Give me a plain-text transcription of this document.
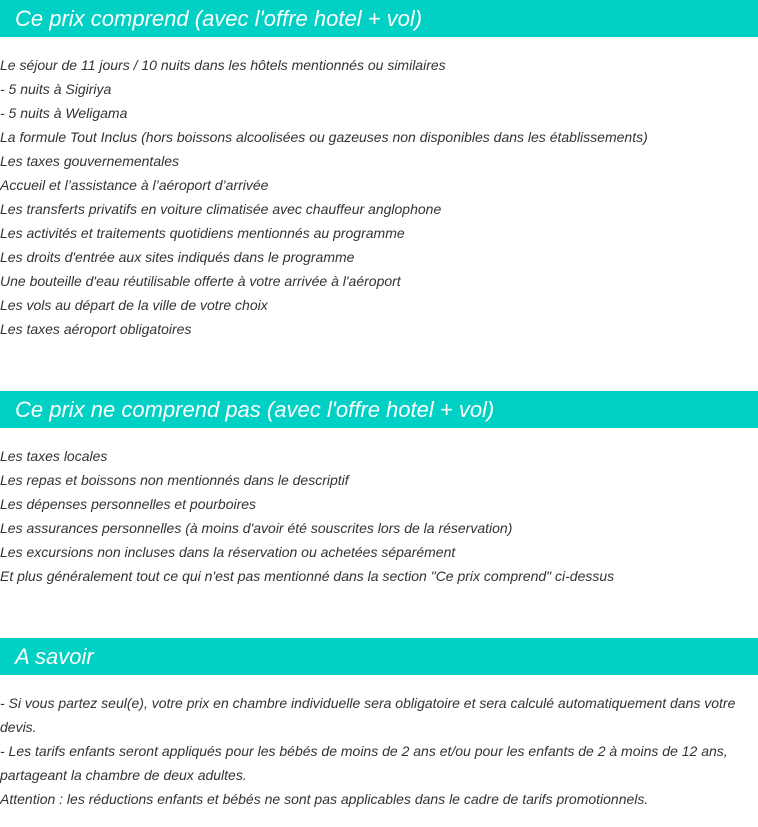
Ce prix comprend (avec l'offre hotel + vol)
Le séjour de 11 jours / 10 nuits dans les hôtels mentionnés ou similaires
- 5 nuits à Sigiriya
- 5 nuits à Weligama
La formule Tout Inclus (hors boissons alcoolisées ou gazeuses non disponibles dans les établissements)
Les taxes gouvernementales
Accueil et l’assistance à l’aéroport d’arrivée
Les transferts privatifs en voiture climatisée avec chauffeur anglophone
Les activités et traitements quotidiens mentionnés au programme
Les droits d'entrée aux sites indiqués dans le programme
Une bouteille d'eau réutilisable offerte à votre arrivée à l'aéroport
Les vols au départ de la ville de votre choix
Les taxes aéroport obligatoires
Ce prix ne comprend pas (avec l'offre hotel + vol)
Les taxes locales
Les repas et boissons non mentionnés dans le descriptif
Les dépenses personnelles et pourboires
Les assurances personnelles (à moins d'avoir été souscrites lors de la réservation)
Les excursions non incluses dans la réservation ou achetées séparément
Et plus généralement tout ce qui n'est pas mentionné dans la section "Ce prix comprend" ci-dessus
A savoir

- Si vous partez seul(e), votre prix en chambre individuelle sera obligatoire et sera calculé automatiquement dans votre devis.

- Les tarifs enfants seront appliqués pour les bébés de moins de 2 ans et/ou pour les enfants de 2 à moins de 12 ans, partageant la chambre de deux adultes.

Attention : les réductions enfants et bébés ne sont pas applicables dans le cadre de tarifs promotionnels.
